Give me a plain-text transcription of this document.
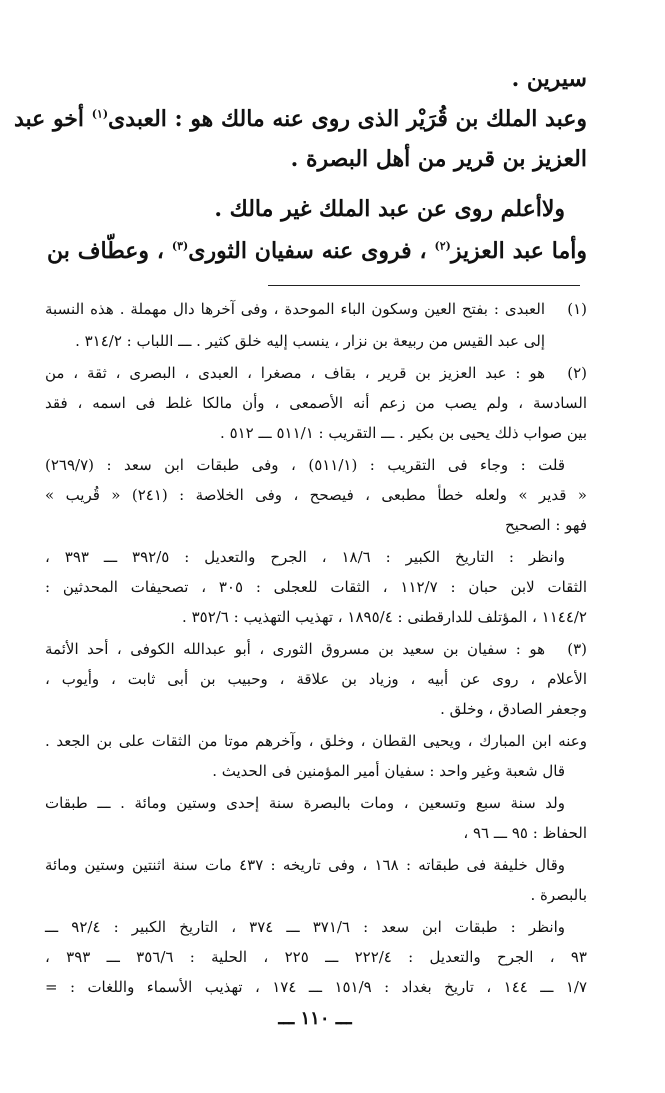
سيرين .
وعبد الملك بن قُرَيْر الذى روى عنه مالك هو : العبدى$^{(١)}$ أخو عبد
العزيز بن قرير من أهل البصرة .
ولاأعلم روى عن عبد الملك غير مالك .
وأما عبد العزيز$^{(٢)}$ ، فروى عنه سفيان الثورى$^{(٣)}$ ، وعطّاف بن
(١)
العبدى : بفتح العين وسكون الباء الموحدة ، وفى آخرها دال مهملة . هذه النسبة
إلى عبد القيس من ربيعة بن نزار ، ينسب إليه خلق كثير . ـــ اللباب : ٣١٤/٢ .
(٢)
هو : عبد العزيز بن قرير ، بقاف ، مصغرا ، العبدى ، البصرى ، ثقة ، من
السادسة ، ولم يصب من زعم أنه الأصمعى ، وأن مالكا غلط فى اسمه ، فقد
بين صواب ذلك يحيى بن بكير . ـــ التقريب : ٥١١/١ ـــ ٥١٢ .
قلت : وجاء فى التقريب : (٥١١/١) ، وفى طبقات ابن سعد : (٢٦٩/٧)
« قدير » ولعله خطأ مطبعى ، فيصحح ، وفى الخلاصة : (٢٤١) « قُريب »
فهو : الصحيح
وانظر : التاريخ الكبير : ١٨/٦ ، الجرح والتعديل : ٣٩٢/٥ ـــ ٣٩٣ ،
الثقات لابن حبان : ١١٢/٧ ، الثقات للعجلى : ٣٠٥ ، تصحيفات المحدثين :
١١٤٤/٢ ، المؤتلف للدارقطنى : ١٨٩٥/٤ ، تهذيب التهذيب : ٣٥٢/٦ .
(٣)
هو : سفيان بن سعيد بن مسروق الثورى ، أبو عبدالله الكوفى ، أحد الأئمة
الأعلام ، روى عن أبيه ، وزياد بن علاقة ، وحبيب بن أبى ثابت ، وأيوب ،
وجعفر الصادق ، وخلق .
وعنه ابن المبارك ، ويحيى القطان ، وخلق ، وآخرهم موتا من الثقات على بن الجعد .
قال شعبة وغير واحد : سفيان أمير المؤمنين فى الحديث .
ولد سنة سبع وتسعين ، ومات بالبصرة سنة إحدى وستين ومائة . ـــ طبقات
الحفاظ : ٩٥ ـــ ٩٦ ،
وقال خليفة فى طبقاته : ١٦٨ ، وفى تاريخه : ٤٣٧ مات سنة اثنتين وستين ومائة
بالبصرة .
وانظر : طبقات ابن سعد : ٣٧١/٦ ـــ ٣٧٤ ، التاريخ الكبير : ٩٢/٤ ـــ
٩٣ ، الجرح والتعديل : ٢٢٢/٤ ـــ ٢٢٥ ، الحلية : ٣٥٦/٦ ـــ ٣٩٣ ،
١/٧ ـــ ١٤٤ ، تاريخ بغداد : ١٥١/٩ ـــ ١٧٤ ، تهذيب الأسماء واللغات : =
ـــ ١١٠ ـــ
